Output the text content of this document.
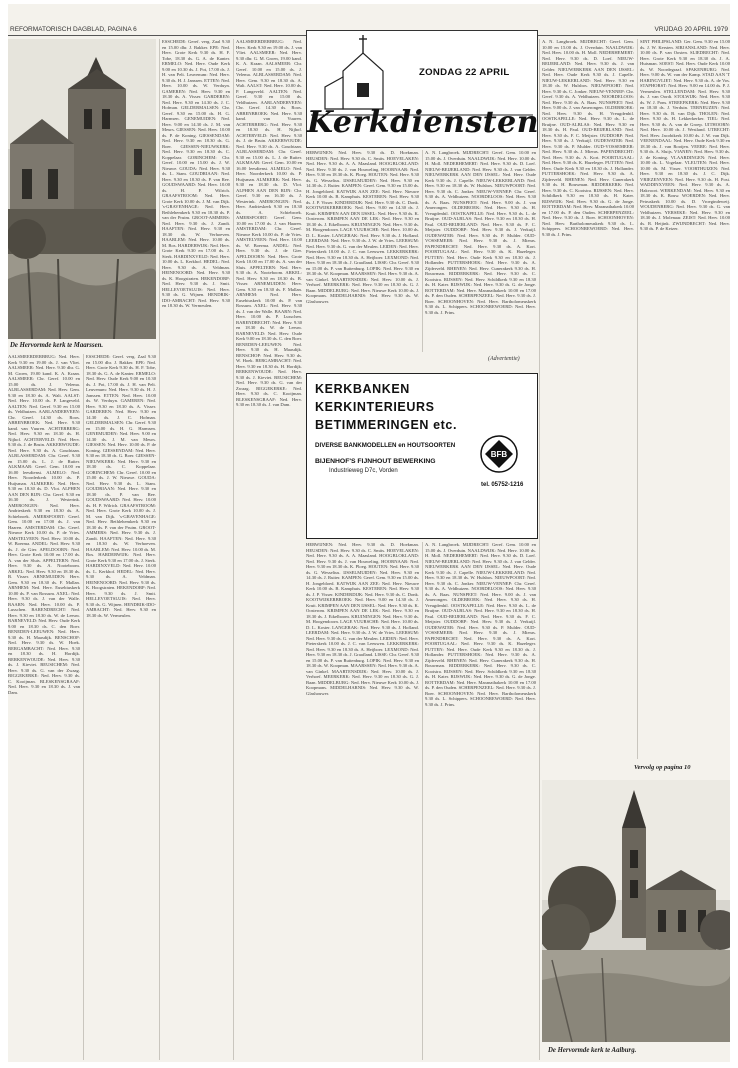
REFORMATORISCH DAGBLAD, PAGINA 6	VRIJDAG 20 APRIL 1979
De Hervormde kerk te Maarssen.
AALSMEERDERBRUG: Ned. Herv. Kerk 9.30 en 19.00 ds. J. van Vliet. AALSMEER: Ned. Herv. 9.30 dhr. G. M. Groen, 19.00 kand. K. A. Kraan. AALSMEER: Chr. Geref. 10.00 en 15.00 ds. J. Velema. ALBLASSERDAM: Ned. Herv. Gem. 9.30 en 18.30 ds. A. Walt. AALST: Ned. Herv. 10.00 ds. P. Langeveld. AALTEN: Ned. Geref. 9.30 en 15.00 ds. Veldhuizen. AARLANDERVEEN: Chr. Geref. 14.30 ds. Roos. ABBENBROEK: Ned. Herv. 9.30 kand. van Vuuren. ACHTERBERG: Ned. Herv. 9.30 en 18.30 ds. H. Nijhof. ACHTERVELD: Ned. Herv. 9.30 ds. J. de Bruin. AKKERWOUDE: Ned. Herv. 9.30 ds. A. Goudriaan. ALBLASSERDAM: Chr. Geref. 9.30 en 15.00 ds. L. J. de Ruiter. ALKMAAR: Geref. Gem. 10.00 en 16.00 leesdienst. ALMELO: Ned. Herv. Noorderkerk 10.00 ds. P. Huijsman. ALMKERK: Ned. Herv. 9.30 en 18.30 ds. D. Vlot. ALPHEN AAN DEN RIJN: Chr. Geref. 9.30 en 16.30 ds. J. Westerink. AMERONGEN: Ned. Herv. Andrieskerk 9.30 en 18.30 ds. A. Schiebroek. AMERSFOORT: Geref. Gem. 10.00 en 17.00 ds. J. van Haaren. AMSTERDAM: Chr. Geref. Nieuwe Kerk 10.00 ds. P. de Vries. AMSTELVEEN: Ned. Herv. 10.00 ds. W. Boerma. ANDEL: Ned. Herv. 9.30 ds. J. de Gier. APELDOORN: Ned. Herv. Grote Kerk 10.00 en 17.00 ds. A. van der Sluis. APPELTERN: Ned. Herv. 9.30 ds. A. Nooteboom. ARKEL: Ned. Herv. 9.30 en 18.30 ds. B. Visser. ARNEMUIDEN: Herv. Gem. 9.30 en 18.30 ds. F. Mallan. ARNHEM: Ned. Herv. Eusebiuskerk 10.00 ds. P. van Rossum. AXEL: Ned. Herv. 9.30 ds. J. van der Walle. BAARN: Ned. Herv. 10.00 ds. P. Lusschen. BARENDRECHT: Ned. Herv. 9.30 en 18.30 ds. W. de Leeuw. BARNEVELD: Ned. Herv. Oude Kerk 9.00 en 18.30 ds. C. den Boer. BENEDEN-LEEUWEN: Ned. Herv. 9.30 ds. H. Maasdijk. BENSCHOP: Ned. Herv. 9.30 ds. W. Hoek. BERGAMBACHT: Ned. Herv. 9.30 en 18.30 ds. H. Hordijk. BERKENWOUDE: Ned. Herv. 9.30 ds. J. Kieviet. BEUSICHEM: Ned. Herv. 9.30 ds. G. van der Zwaag. BIGGEKERKE: Ned. Herv. 9.30 ds. C. Kooijman. BLESKENSGRAAF: Ned. Herv. 9.30 en 18.30 ds. J. van Dam.
ESSCHEDE: Geref. verg. Zaal 9.30 en 15.00 dhr. J. Bakker. EPE: Ned. Herv. Grote Kerk 9.30 ds. H. F. Tobe, 18.30 ds. G. A. de Kanter. ERMELO: Ned. Herv. Oude Kerk 9.00 en 10.30 ds. J. Pot, 17.00 ds. J. H. van Pelt. Leuvenum: Ned. Herv. 9.30 ds. H. J. Janssen. ETTEN: Ned. Herv. 10.00 ds. W. Verduyn. GAMEREN: Ned. Herv. 9.30 en 18.30 ds. A. Visser. GARDEREN: Ned. Herv. 9.30 en 14.30 ds. J. C. Hofman. GELDERMALSEN: Chr. Geref. 9.30 en 15.00 ds. H. G. Harmsen. GENEMUIDEN: Ned. Herv. 9.00 en 14.30 ds. J. M. van Meurs. GIESSEN: Ned. Herv. 10.00 ds. P. de Koning. GIESSENDAM: Ned. Herv. 9.30 en 18.30 ds. G. Boer. GIESSEN-NIEUWKERK: Ned. Herv. 9.30 en 18.30 ds. C. Koppelaar. GORINCHEM: Chr. Geref. 10.00 en 15.00 ds. J. W. Nieuwe. GOUDA: Ned. Herv. 9.30 ds. L. Stam. GOUDRIAAN: Ned. Herv. 9.30 en 18.30 ds. P. van Ree. GOUDSWAARD: Ned. Herv. 10.00 ds. H. P. Wilrich. GRAAFSTROOM: Ned. Herv. Grote Kerk 10.00 ds. J. M. van Dijk. 's-GRAVENHAGE: Ned. Herv. Bethlehemkerk 9.30 en 18.30 ds. P. van der Pruim. GROOT-AMMERS: Ned. Herv. 9.30 ds. J. Zandt. HAAFTEN: Ned. Herv. 9.30 en 18.30 ds. W. Verhoeven. HAARLEM: Ned. Herv. 10.00 ds. M. Bos. HARDERWIJK: Ned. Herv. Grote Kerk 9.30 en 17.00 ds. J. Sterk. HARDINXVELD: Ned. Herv. 10.00 ds. L. Kerkhof. HEDEL: Ned. Herv. 9.30 ds. A. Veldman. HEINENOORD: Ned. Herv. 9.30 ds. K. Hoogstraten. HEKENDORP: Ned. Herv. 9.30 ds. J. Smit. HELLEVOETSLUIS: Ned. Herv. 9.30 ds. G. Wijnen. HENDRIK-IDO-AMBACHT: Ned. Herv. 9.30 en 18.30 ds. W. Vermeulen.
ESSCHEDE: Geref. verg. Zaal 9.30 en 15.00 dhr. J. Bakker. EPE: Ned. Herv. Grote Kerk 9.30 ds. H. F. Tobe, 18.30 ds. G. A. de Kanter. ERMELO: Ned. Herv. Oude Kerk 9.00 en 10.30 ds. J. Pot, 17.00 ds. J. H. van Pelt. Leuvenum: Ned. Herv. 9.30 ds. H. J. Janssen. ETTEN: Ned. Herv. 10.00 ds. W. Verduyn. GAMEREN: Ned. Herv. 9.30 en 18.30 ds. A. Visser. GARDEREN: Ned. Herv. 9.30 en 14.30 ds. J. C. Hofman. GELDERMALSEN: Chr. Geref. 9.30 en 15.00 ds. H. G. Harmsen. GENEMUIDEN: Ned. Herv. 9.00 en 14.30 ds. J. M. van Meurs. GIESSEN: Ned. Herv. 10.00 ds. P. de Koning. GIESSENDAM: Ned. Herv. 9.30 en 18.30 ds. G. Boer. GIESSEN-NIEUWKERK: Ned. Herv. 9.30 en 18.30 ds. C. Koppelaar. GORINCHEM: Chr. Geref. 10.00 en 15.00 ds. J. W. Nieuwe. GOUDA: Ned. Herv. 9.30 ds. L. Stam. GOUDRIAAN: Ned. Herv. 9.30 en 18.30 ds. P. van Ree. GOUDSWAARD: Ned. Herv. 10.00 ds. H. P. Wilrich. GRAAFSTROOM: Ned. Herv. Grote Kerk 10.00 ds. J. M. van Dijk. 's-GRAVENHAGE: Ned. Herv. Bethlehemkerk 9.30 en 18.30 ds. P. van der Pruim. GROOT-AMMERS: Ned. Herv. 9.30 ds. J. Zandt. HAAFTEN: Ned. Herv. 9.30 en 18.30 ds. W. Verhoeven. HAARLEM: Ned. Herv. 10.00 ds. M. Bos. HARDERWIJK: Ned. Herv. Grote Kerk 9.30 en 17.00 ds. J. Sterk. HARDINXVELD: Ned. Herv. 10.00 ds. L. Kerkhof. HEDEL: Ned. Herv. 9.30 ds. A. Veldman. HEINENOORD: Ned. Herv. 9.30 ds. K. Hoogstraten. HEKENDORP: Ned. Herv. 9.30 ds. J. Smit. HELLEVOETSLUIS: Ned. Herv. 9.30 ds. G. Wijnen. HENDRIK-IDO-AMBACHT: Ned. Herv. 9.30 en 18.30 ds. W. Vermeulen.
AALSMEERDERBRUG: Ned. Herv. Kerk 9.30 en 19.00 ds. J. van Vliet. AALSMEER: Ned. Herv. 9.30 dhr. G. M. Groen, 19.00 kand. K. A. Kraan. AALSMEER: Chr. Geref. 10.00 en 15.00 ds. J. Velema. ALBLASSERDAM: Ned. Herv. Gem. 9.30 en 18.30 ds. A. Walt. AALST: Ned. Herv. 10.00 ds. P. Langeveld. AALTEN: Ned. Geref. 9.30 en 15.00 ds. Veldhuizen. AARLANDERVEEN: Chr. Geref. 14.30 ds. Roos. ABBENBROEK: Ned. Herv. 9.30 kand. van Vuuren. ACHTERBERG: Ned. Herv. 9.30 en 18.30 ds. H. Nijhof. ACHTERVELD: Ned. Herv. 9.30 ds. J. de Bruin. AKKERWOUDE: Ned. Herv. 9.30 ds. A. Goudriaan. ALBLASSERDAM: Chr. Geref. 9.30 en 15.00 ds. L. J. de Ruiter. ALKMAAR: Geref. Gem. 10.00 en 16.00 leesdienst. ALMELO: Ned. Herv. Noorderkerk 10.00 ds. P. Huijsman. ALMKERK: Ned. Herv. 9.30 en 18.30 ds. D. Vlot. ALPHEN AAN DEN RIJN: Chr. Geref. 9.30 en 16.30 ds. J. Westerink. AMERONGEN: Ned. Herv. Andrieskerk 9.30 en 18.30 ds. A. Schiebroek. AMERSFOORT: Geref. Gem. 10.00 en 17.00 ds. J. van Haaren. AMSTERDAM: Chr. Geref. Nieuwe Kerk 10.00 ds. P. de Vries. AMSTELVEEN: Ned. Herv. 10.00 ds. W. Boerma. ANDEL: Ned. Herv. 9.30 ds. J. de Gier. APELDOORN: Ned. Herv. Grote Kerk 10.00 en 17.00 ds. A. van der Sluis. APPELTERN: Ned. Herv. 9.30 ds. A. Nooteboom. ARKEL: Ned. Herv. 9.30 en 18.30 ds. B. Visser. ARNEMUIDEN: Herv. Gem. 9.30 en 18.30 ds. F. Mallan. ARNHEM: Ned. Herv. Eusebiuskerk 10.00 ds. P. van Rossum. AXEL: Ned. Herv. 9.30 ds. J. van der Walle. BAARN: Ned. Herv. 10.00 ds. P. Lusschen. BARENDRECHT: Ned. Herv. 9.30 en 18.30 ds. W. de Leeuw. BARNEVELD: Ned. Herv. Oude Kerk 9.00 en 18.30 ds. C. den Boer. BENEDEN-LEEUWEN: Ned. Herv. 9.30 ds. H. Maasdijk. BENSCHOP: Ned. Herv. 9.30 ds. W. Hoek. BERGAMBACHT: Ned. Herv. 9.30 en 18.30 ds. H. Hordijk. BERKENWOUDE: Ned. Herv. 9.30 ds. J. Kieviet. BEUSICHEM: Ned. Herv. 9.30 ds. G. van der Zwaag. BIGGEKERKE: Ned. Herv. 9.30 ds. C. Kooijman. BLESKENSGRAAF: Ned. Herv. 9.30 en 18.30 ds. J. van Dam.
ZONDAG 22 APRIL
Kerkdiensten
HERWIJNEN: Ned. Herv. 9.30 ds. D. Hoekman. HEUSDEN: Ned. Herv. 9.30 ds. C. Smits. HOEVELAKEN: Ned. Herv. 9.30 ds. A. A. Maasland. HOOGBLOKLAND: Ned. Herv. 9.30 ds. J. van Houweling. HOORNAAR: Ned. Herv. 9.30 en 18.30 ds. K. Ploeg. HOUTEN: Ned. Herv. 9.30 ds. G. Wesselius. IJSSELMUIDEN: Ned. Herv. 9.30 en 14.30 ds. J. Ruiter. KAMPEN: Geref. Gem. 9.30 en 15.00 ds. H. Jongebloed. KATWIJK AAN ZEE: Ned. Herv. Nieuwe Kerk 10.00 ds. B. Kamphuis. KESTEREN: Ned. Herv. 9.30 ds. J. P. Visser. KINDERDIJK: Ned. Herv. 9.30 ds. C. Donk. KOOTWIJKERBROEK: Ned. Herv. 9.00 en 14.30 ds. J. Kruit. KRIMPEN AAN DEN IJSSEL: Ned. Herv. 9.30 ds. K. Oosterom. KRIMPEN AAN DE LEK: Ned. Herv. 9.30 en 18.30 ds. J. Eikelboom. KRUININGEN: Ned. Herv. 9.30 ds. M. Hoogendoorn. LAGE VUURSCHE: Ned. Herv. 10.00 ds. D. L. Koster. LANGERAK: Ned. Herv. 9.30 ds. J. Hofland. LEERDAM: Ned. Herv. 9.30 ds. J. W. de Vries. LEERSUM: Ned. Herv. 9.30 ds. G. van der Meulen. LEIDEN: Ned. Herv. Pieterskerk 10.00 ds. J. C. van Leeuwen. LEKKERKERK: Ned. Herv. 9.30 en 18.30 ds. A. Heijboer. LEXMOND: Ned. Herv. 9.30 en 18.30 ds. J. Graafland. LISSE: Chr. Geref. 9.30 en 15.00 ds. P. van Ruitenburg. LOPIK: Ned. Herv. 9.30 en 18.30 ds. W. Koopman. MAARSSEN: Ned. Herv. 9.30 ds. A. van Ginkel. MAARTENSDIJK: Ned. Herv. 10.00 ds. J. Verhoef. MEERKERK: Ned. Herv. 9.30 en 18.30 ds. G. J. Baan. MIDDELBURG: Ned. Herv. Nieuwe Kerk 10.00 ds. J. Koopmans. MIDDELHARNIS: Ned. Herv. 9.30 ds. W. Glashouwer.
A. N. Langbroek. MIJDRECHT: Geref. Gem. 10.00 en 15.00 ds. J. Overduin. NAALDWIJK: Ned. Herv. 10.00 ds. H. Moll. NEDERHEMERT: Ned. Herv. 9.30 ds. D. Loef. NIEUW-BEIJERLAND: Ned. Herv. 9.30 ds. J. van Gelder. NIEUWERKERK AAN DEN IJSSEL: Ned. Herv. Oude Kerk 9.30 ds. J. Capelle. NIEUW-LEKKERLAND: Ned. Herv. 9.30 en 18.30 ds. W. Hulsbos. NIEUWPOORT: Ned. Herv. 9.30 ds. C. Jonker. NIEUW-VENNEP: Chr. Geref. 9.30 ds. A. Veldhuizen. NOORDELOOS: Ned. Herv. 9.30 ds. A. Baas. NUNSPEET: Ned. Herv. 9.00 ds. J. van Amerongen. OLDEBROEK: Ned. Herv. 9.30 ds. H. Vreugdenhil. OOSTKAPELLE: Ned. Herv. 9.30 ds. L. de Bruijne. OUD-ALBLAS: Ned. Herv. 9.30 en 18.30 ds. H. Paul. OUD-BEIJERLAND: Ned. Herv. 9.30 ds. F. C. Meijster. OUDDORP: Ned. Herv. 9.30 ds. J. Verkuijl. OUDEWATER: Ned. Herv. 9.30 ds. P. Mulder. OUD-VOSSEMEER: Ned. Herv. 9.30 ds. J. Mieras. PAPENDRECHT: Ned. Herv. 9.30 ds. A. Kort. POORTUGAAL: Ned. Herv. 9.30 ds. K. Hazeleger. PUTTEN: Ned. Herv. Oude Kerk 9.30 en 18.30 ds. J. Hollander. PUTTERSHOEK: Ned. Herv. 9.30 ds. A. Zijderveld. RHENEN: Ned. Herv. Cunerakerk 9.30 ds. H. Bouwman. RIDDERKERK: Ned. Herv. 9.30 ds. C. Kooistra. RIJSSEN: Ned. Herv. Schildkerk 9.30 en 18.30 ds. H. Kater. RIJSWIJK: Ned. Herv. 9.30 ds. G. de Jonge. ROTTERDAM: Ned. Herv. Maranathakerk 10.00 en 17.00 ds. P. den Ouden. SCHERPENZEEL: Ned. Herv. 9.30 ds. J. Boer. SCHOONHOVEN: Ned. Herv. Bartholomeuskerk 9.30 ds. L. Schippers. SCHOONREWOERD: Ned. Herv. 9.30 ds. J. Prins.
(Advertentie)
KERKBANKEN
KERKINTERIEURS
BETIMMERINGEN etc.
DIVERSE BANKMODELLEN en HOUTSOORTEN
BIJENHOF'S FIJNHOUT BEWERKING
Industrieweg D7c, Vorden
tel. 05752-1216
BFB
HERWIJNEN: Ned. Herv. 9.30 ds. D. Hoekman. HEUSDEN: Ned. Herv. 9.30 ds. C. Smits. HOEVELAKEN: Ned. Herv. 9.30 ds. A. A. Maasland. HOOGBLOKLAND: Ned. Herv. 9.30 ds. J. van Houweling. HOORNAAR: Ned. Herv. 9.30 en 18.30 ds. K. Ploeg. HOUTEN: Ned. Herv. 9.30 ds. G. Wesselius. IJSSELMUIDEN: Ned. Herv. 9.30 en 14.30 ds. J. Ruiter. KAMPEN: Geref. Gem. 9.30 en 15.00 ds. H. Jongebloed. KATWIJK AAN ZEE: Ned. Herv. Nieuwe Kerk 10.00 ds. B. Kamphuis. KESTEREN: Ned. Herv. 9.30 ds. J. P. Visser. KINDERDIJK: Ned. Herv. 9.30 ds. C. Donk. KOOTWIJKERBROEK: Ned. Herv. 9.00 en 14.30 ds. J. Kruit. KRIMPEN AAN DEN IJSSEL: Ned. Herv. 9.30 ds. K. Oosterom. KRIMPEN AAN DE LEK: Ned. Herv. 9.30 en 18.30 ds. J. Eikelboom. KRUININGEN: Ned. Herv. 9.30 ds. M. Hoogendoorn. LAGE VUURSCHE: Ned. Herv. 10.00 ds. D. L. Koster. LANGERAK: Ned. Herv. 9.30 ds. J. Hofland. LEERDAM: Ned. Herv. 9.30 ds. J. W. de Vries. LEERSUM: Ned. Herv. 9.30 ds. G. van der Meulen. LEIDEN: Ned. Herv. Pieterskerk 10.00 ds. J. C. van Leeuwen. LEKKERKERK: Ned. Herv. 9.30 en 18.30 ds. A. Heijboer. LEXMOND: Ned. Herv. 9.30 en 18.30 ds. J. Graafland. LISSE: Chr. Geref. 9.30 en 15.00 ds. P. van Ruitenburg. LOPIK: Ned. Herv. 9.30 en 18.30 ds. W. Koopman. MAARSSEN: Ned. Herv. 9.30 ds. A. van Ginkel. MAARTENSDIJK: Ned. Herv. 10.00 ds. J. Verhoef. MEERKERK: Ned. Herv. 9.30 en 18.30 ds. G. J. Baan. MIDDELBURG: Ned. Herv. Nieuwe Kerk 10.00 ds. J. Koopmans. MIDDELHARNIS: Ned. Herv. 9.30 ds. W. Glashouwer.
A. N. Langbroek. MIJDRECHT: Geref. Gem. 10.00 en 15.00 ds. J. Overduin. NAALDWIJK: Ned. Herv. 10.00 ds. H. Moll. NEDERHEMERT: Ned. Herv. 9.30 ds. D. Loef. NIEUW-BEIJERLAND: Ned. Herv. 9.30 ds. J. van Gelder. NIEUWERKERK AAN DEN IJSSEL: Ned. Herv. Oude Kerk 9.30 ds. J. Capelle. NIEUW-LEKKERLAND: Ned. Herv. 9.30 en 18.30 ds. W. Hulsbos. NIEUWPOORT: Ned. Herv. 9.30 ds. C. Jonker. NIEUW-VENNEP: Chr. Geref. 9.30 ds. A. Veldhuizen. NOORDELOOS: Ned. Herv. 9.30 ds. A. Baas. NUNSPEET: Ned. Herv. 9.00 ds. J. van Amerongen. OLDEBROEK: Ned. Herv. 9.30 ds. H. Vreugdenhil. OOSTKAPELLE: Ned. Herv. 9.30 ds. L. de Bruijne. OUD-ALBLAS: Ned. Herv. 9.30 en 18.30 ds. H. Paul. OUD-BEIJERLAND: Ned. Herv. 9.30 ds. F. C. Meijster. OUDDORP: Ned. Herv. 9.30 ds. J. Verkuijl. OUDEWATER: Ned. Herv. 9.30 ds. P. Mulder. OUD-VOSSEMEER: Ned. Herv. 9.30 ds. J. Mieras. PAPENDRECHT: Ned. Herv. 9.30 ds. A. Kort. POORTUGAAL: Ned. Herv. 9.30 ds. K. Hazeleger. PUTTEN: Ned. Herv. Oude Kerk 9.30 en 18.30 ds. J. Hollander. PUTTERSHOEK: Ned. Herv. 9.30 ds. A. Zijderveld. RHENEN: Ned. Herv. Cunerakerk 9.30 ds. H. Bouwman. RIDDERKERK: Ned. Herv. 9.30 ds. C. Kooistra. RIJSSEN: Ned. Herv. Schildkerk 9.30 en 18.30 ds. H. Kater. RIJSWIJK: Ned. Herv. 9.30 ds. G. de Jonge. ROTTERDAM: Ned. Herv. Maranathakerk 10.00 en 17.00 ds. P. den Ouden. SCHERPENZEEL: Ned. Herv. 9.30 ds. J. Boer. SCHOONHOVEN: Ned. Herv. Bartholomeuskerk 9.30 ds. L. Schippers. SCHOONREWOERD: Ned. Herv. 9.30 ds. J. Prins.
A. N. Langbroek. MIJDRECHT: Geref. Gem. 10.00 en 15.00 ds. J. Overduin. NAALDWIJK: Ned. Herv. 10.00 ds. H. Moll. NEDERHEMERT: Ned. Herv. 9.30 ds. D. Loef. NIEUW-BEIJERLAND: Ned. Herv. 9.30 ds. J. van Gelder. NIEUWERKERK AAN DEN IJSSEL: Ned. Herv. Oude Kerk 9.30 ds. J. Capelle. NIEUW-LEKKERLAND: Ned. Herv. 9.30 en 18.30 ds. W. Hulsbos. NIEUWPOORT: Ned. Herv. 9.30 ds. C. Jonker. NIEUW-VENNEP: Chr. Geref. 9.30 ds. A. Veldhuizen. NOORDELOOS: Ned. Herv. 9.30 ds. A. Baas. NUNSPEET: Ned. Herv. 9.00 ds. J. van Amerongen. OLDEBROEK: Ned. Herv. 9.30 ds. H. Vreugdenhil. OOSTKAPELLE: Ned. Herv. 9.30 ds. L. de Bruijne. OUD-ALBLAS: Ned. Herv. 9.30 en 18.30 ds. H. Paul. OUD-BEIJERLAND: Ned. Herv. 9.30 ds. F. C. Meijster. OUDDORP: Ned. Herv. 9.30 ds. J. Verkuijl. OUDEWATER: Ned. Herv. 9.30 ds. P. Mulder. OUD-VOSSEMEER: Ned. Herv. 9.30 ds. J. Mieras. PAPENDRECHT: Ned. Herv. 9.30 ds. A. Kort. POORTUGAAL: Ned. Herv. 9.30 ds. K. Hazeleger. PUTTEN: Ned. Herv. Oude Kerk 9.30 en 18.30 ds. J. Hollander. PUTTERSHOEK: Ned. Herv. 9.30 ds. A. Zijderveld. RHENEN: Ned. Herv. Cunerakerk 9.30 ds. H. Bouwman. RIDDERKERK: Ned. Herv. 9.30 ds. C. Kooistra. RIJSSEN: Ned. Herv. Schildkerk 9.30 en 18.30 ds. H. Kater. RIJSWIJK: Ned. Herv. 9.30 ds. G. de Jonge. ROTTERDAM: Ned. Herv. Maranathakerk 10.00 en 17.00 ds. P. den Ouden. SCHERPENZEEL: Ned. Herv. 9.30 ds. J. Boer. SCHOONHOVEN: Ned. Herv. Bartholomeuskerk 9.30 ds. L. Schippers. SCHOONREWOERD: Ned. Herv. 9.30 ds. J. Prins.
SINT PHILIPSLAND: Ger. Gem. 9.30 en 15.00 ds. J. W. Kersten. SIRJANSLAND: Ned. Herv. 10.00 ds. P. van Oosten. SLIEDRECHT: Ned. Herv. Grote Kerk 9.30 en 18.30 ds. J. A. Huisman. SOEST: Ned. Herv. Oude Kerk 10.00 ds. W. Noordegraaf. SPAKENBURG: Ned. Herv. 9.00 ds. W. van der Kamp. STAD AAN 'T HARINGVLIET: Ned. Herv. 9.30 ds. A. de Vos. STAPHORST: Ned. Herv. 9.00 en 14.00 ds. P. J. Vermeulen. STELLENDAM: Ned. Herv. 9.30 ds. J. van Oordt. STOLWIJK: Ned. Herv. 9.30 ds. W. J. Pons. STREEFKERK: Ned. Herv. 9.30 en 18.30 ds. J. Verduin. TERNEUZEN: Ned. Herv. 9.30 ds. B. van Dijk. THOLEN: Ned. Herv. 9.30 ds. H. Lekkerkerker. TIEL: Ned. Herv. 9.30 ds. A. van de Groep. UITHOORN: Ned. Herv. 10.00 ds. J. Westland. UTRECHT: Ned. Herv. Jacobikerk 10.00 ds. J. W. van Dijk. VEENENDAAL: Ned. Herv. Oude Kerk 9.30 en 18.30 ds. J. van Rooijen. VEERE: Ned. Herv. 9.30 ds. A. Sluijs. VIANEN: Ned. Herv. 9.30 ds. J. de Koning. VLAARDINGEN: Ned. Herv. 10.00 ds. L. Vogelaar. VLEUTEN: Ned. Herv. 10.00 ds. M. Visser. VOORTHUIZEN: Ned. Herv. 9.30 en 18.30 ds. J. C. Dijk. VRIEZENVEEN: Ned. Herv. 9.30 ds. H. Post. WADDINXVEEN: Ned. Herv. 9.30 ds. A. Hakvoort. WERKENDAM: Ned. Herv. 9.30 en 18.30 ds. K. Bouw. WOERDEN: Ned. Herv. Petruskerk 10.00 ds. D. Vroegindeweij. WOUDENBERG: Ned. Herv. 9.30 ds. G. van Veldhuizen. YERSEKE: Ned. Herv. 9.30 en 18.30 ds. J. Molenaar. ZEIST: Ned. Herv. 10.00 ds. R. Heijink. ZWIJNDRECHT: Ned. Herv. 9.30 ds. P. de Keizer.
Vervolg op pagina 10
De Hervormde kerk te Aalburg.
